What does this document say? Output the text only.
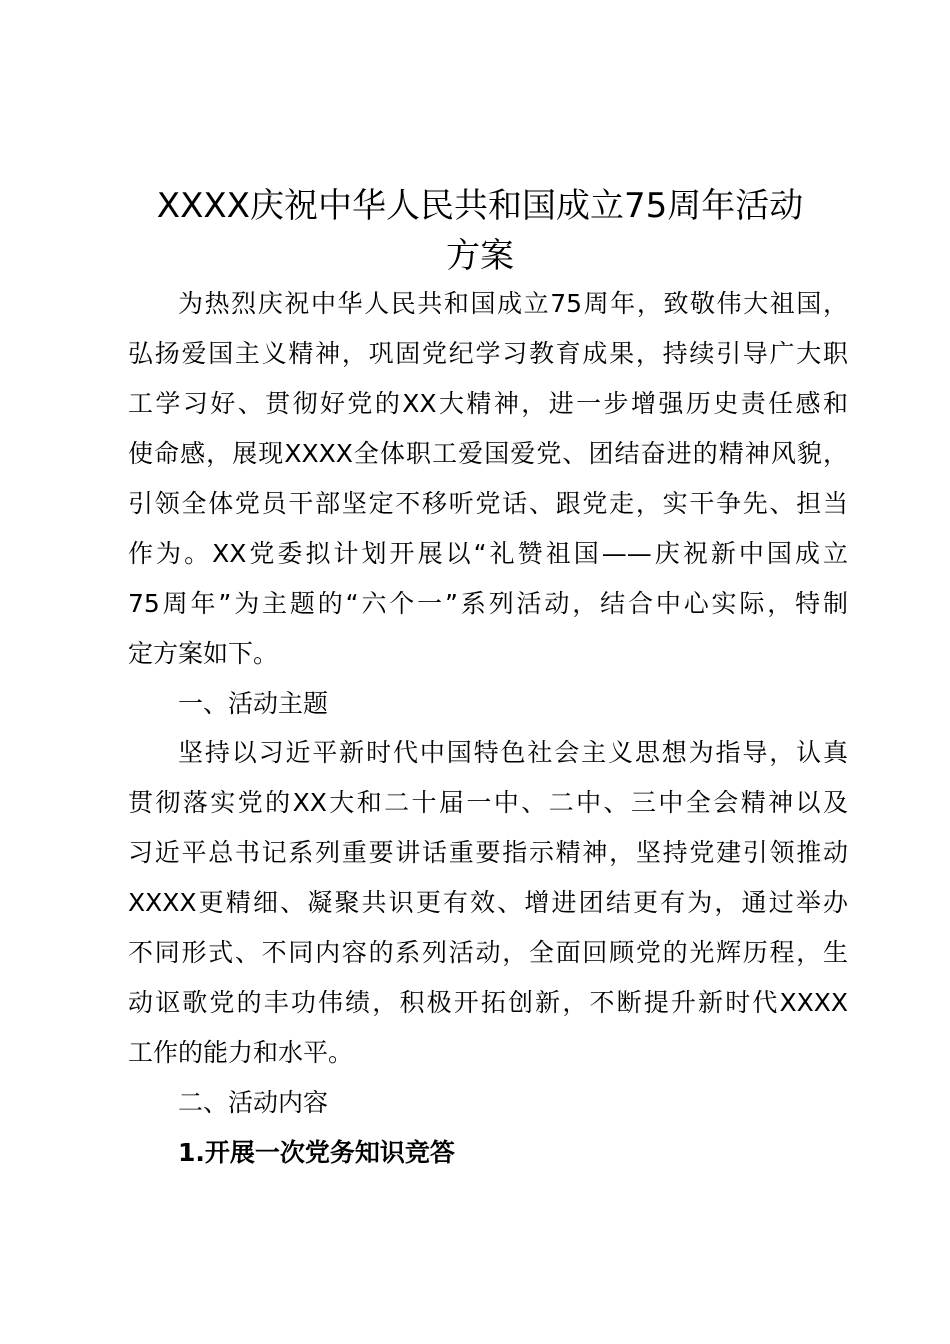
XXXX庆祝中华人民共和国成立75周年活动
方案
为热烈庆祝中华人民共和国成立75周年，致敬伟大祖国，
弘扬爱国主义精神，巩固党纪学习教育成果，持续引导广大职
工学习好、贯彻好党的XX大精神，进一步增强历史责任感和
使命感，展现XXXX全体职工爱国爱党、团结奋进的精神风貌，
引领全体党员干部坚定不移听党话、跟党走，实干争先、担当
作为。XX党委拟计划开展以“礼赞祖国——庆祝新中国成立
75周年”为主题的“六个一”系列活动，结合中心实际，特制
定方案如下。
一、活动主题
坚持以习近平新时代中国特色社会主义思想为指导，认真
贯彻落实党的XX大和二十届一中、二中、三中全会精神以及
习近平总书记系列重要讲话重要指示精神，坚持党建引领推动
XXXX更精细、凝聚共识更有效、增进团结更有为，通过举办
不同形式、不同内容的系列活动，全面回顾党的光辉历程，生
动讴歌党的丰功伟绩，积极开拓创新，不断提升新时代XXXX
工作的能力和水平。
二、活动内容
1.开展一次党务知识竞答
